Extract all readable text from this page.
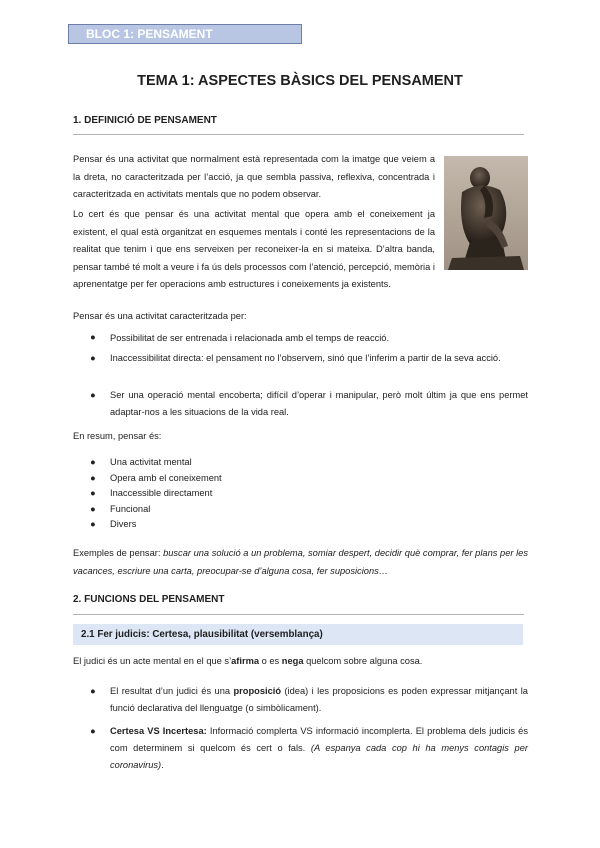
BLOC 1: PENSAMENT
TEMA 1: ASPECTES BÀSICS DEL PENSAMENT
1. DEFINICIÓ DE PENSAMENT

Pensar és una activitat que normalment està representada com la imatge que veiem a la dreta, no caracteritzada per l’acció, ja que sembla passiva, reflexiva, concentrada i caracteritzada en activitats mentals que no podem observar.

Lo cert és que pensar és una activitat mental que opera amb el coneixement ja existent, el qual està organitzat en esquemes mentals i conté les representacions de la realitat que tenim i que ens serveixen per reconeixer-la en si mateixa. D’altra banda, pensar també té molt a veure i fa ús dels processos com l’atenció, percepció, memòria i aprenentatge per fer operacions amb estructures i coneixements ja existents.

Pensar és una activitat caracteritzada per:

● Possibilitat de ser entrenada i relacionada amb el temps de reacció.

● Inaccessibilitat directa: el pensament no l’observem, sinó que l’inferim a partir de la seva acció.

● Ser una operació mental encoberta; difícil d’operar i manipular, però molt últim ja que ens permet adaptar-nos a les situacions de la vida real.

En resum, pensar és:

● Una activitat mental

● Opera amb el coneixement

● Inaccessible directament

● Funcional

● Divers

Exemples de pensar: buscar una solució a un problema, somiar despert, decidir què comprar, fer plans per les vacances, escriure una carta, preocupar-se d’alguna cosa, fer suposicions…

2. FUNCIONS DEL PENSAMENT
2.1 Fer judicis: Certesa, plausibilitat (versemblança)

El judici és un acte mental en el que s’afirma o es nega quelcom sobre alguna cosa.

● El resultat d’un judici és una proposició (idea) i les proposicions es poden expressar mitjançant la funció declarativa del llenguatge (o simbòlicament).

● Certesa VS Incertesa: Informació complerta VS informació incomplerta. El problema dels judicis és com determinem si quelcom és cert o fals. (A espanya cada cop hi ha menys contagis per coronavirus).
